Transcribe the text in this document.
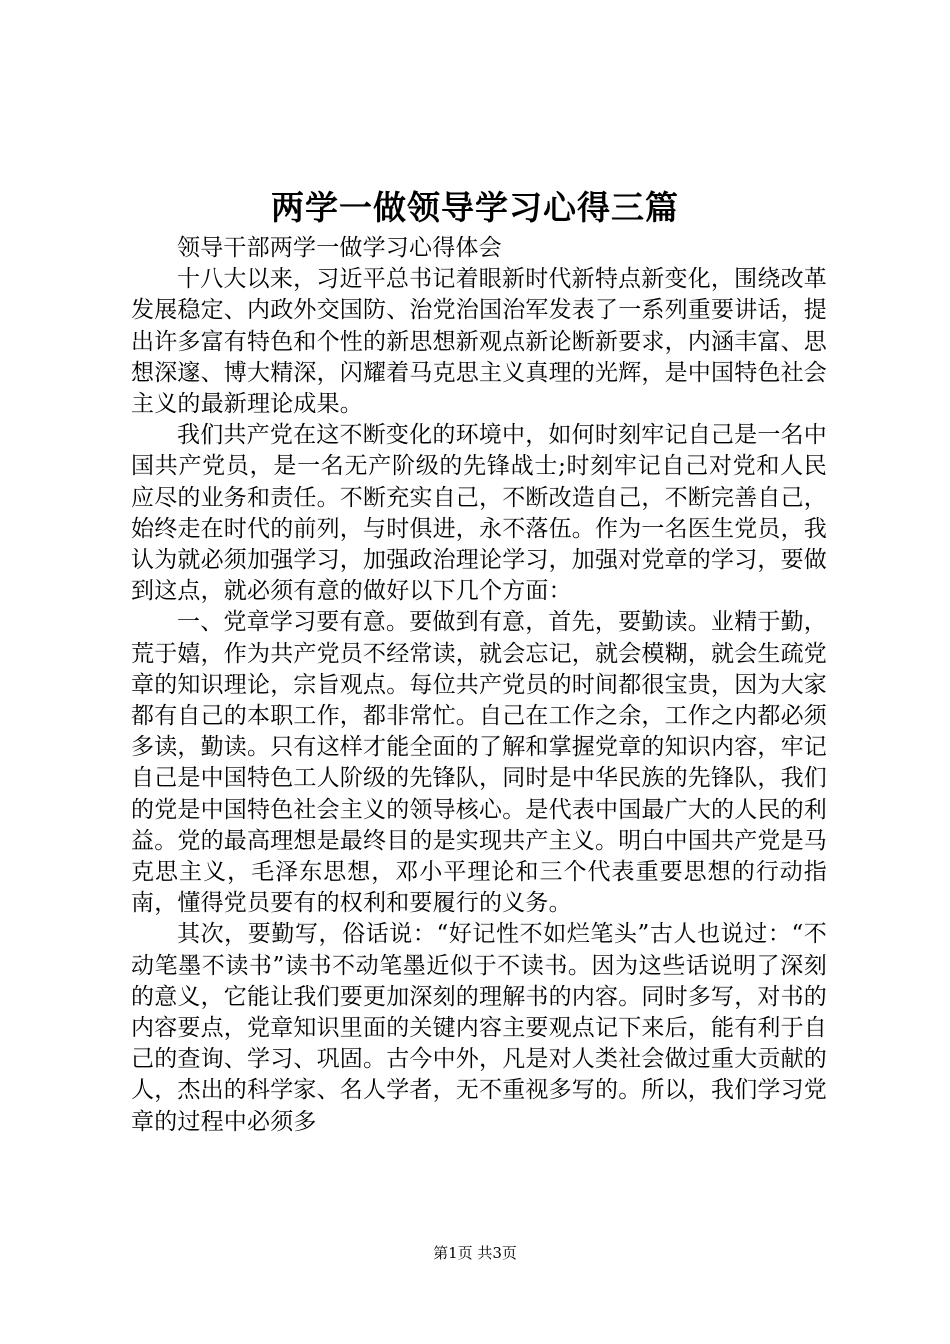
两学一做领导学习心得三篇

领导干部两学一做学习心得体会

十八大以来，习近平总书记着眼新时代新特点新变化，围绕改革发展稳定、内政外交国防、治党治国治军发表了一系列重要讲话，提出许多富有特色和个性的新思想新观点新论断新要求，内涵丰富、思想深邃、博大精深，闪耀着马克思主义真理的光辉，是中国特色社会主义的最新理论成果。

我们共产党在这不断变化的环境中，如何时刻牢记自己是一名中国共产党员，是一名无产阶级的先锋战士;时刻牢记自己对党和人民应尽的业务和责任。不断充实自己，不断改造自己，不断完善自己，始终走在时代的前列，与时俱进，永不落伍。作为一名医生党员，我认为就必须加强学习，加强政治理论学习，加强对党章的学习，要做到这点，就必须有意的做好以下几个方面：

一、党章学习要有意。要做到有意，首先，要勤读。业精于勤，荒于嬉，作为共产党员不经常读，就会忘记，就会模糊，就会生疏党章的知识理论，宗旨观点。每位共产党员的时间都很宝贵，因为大家都有自己的本职工作，都非常忙。自己在工作之余，工作之内都必须多读，勤读。只有这样才能全面的了解和掌握党章的知识内容，牢记自己是中国特色工人阶级的先锋队，同时是中华民族的先锋队，我们的党是中国特色社会主义的领导核心。是代表中国最广大的人民的利益。党的最高理想是最终目的是实现共产主义。明白中国共产党是马克思主义，毛泽东思想，邓小平理论和三个代表重要思想的行动指南，懂得党员要有的权利和要履行的义务。

其次，要勤写，俗话说：“好记性不如烂笔头”古人也说过：“不动笔墨不读书”读书不动笔墨近似于不读书。因为这些话说明了深刻的意义，它能让我们要更加深刻的理解书的内容。同时多写，对书的内容要点，党章知识里面的关键内容主要观点记下来后，能有利于自己的查询、学习、巩固。古今中外，凡是对人类社会做过重大贡献的人，杰出的科学家、名人学者，无不重视多写的。所以，我们学习党章的过程中必须多

第1页 共3页
